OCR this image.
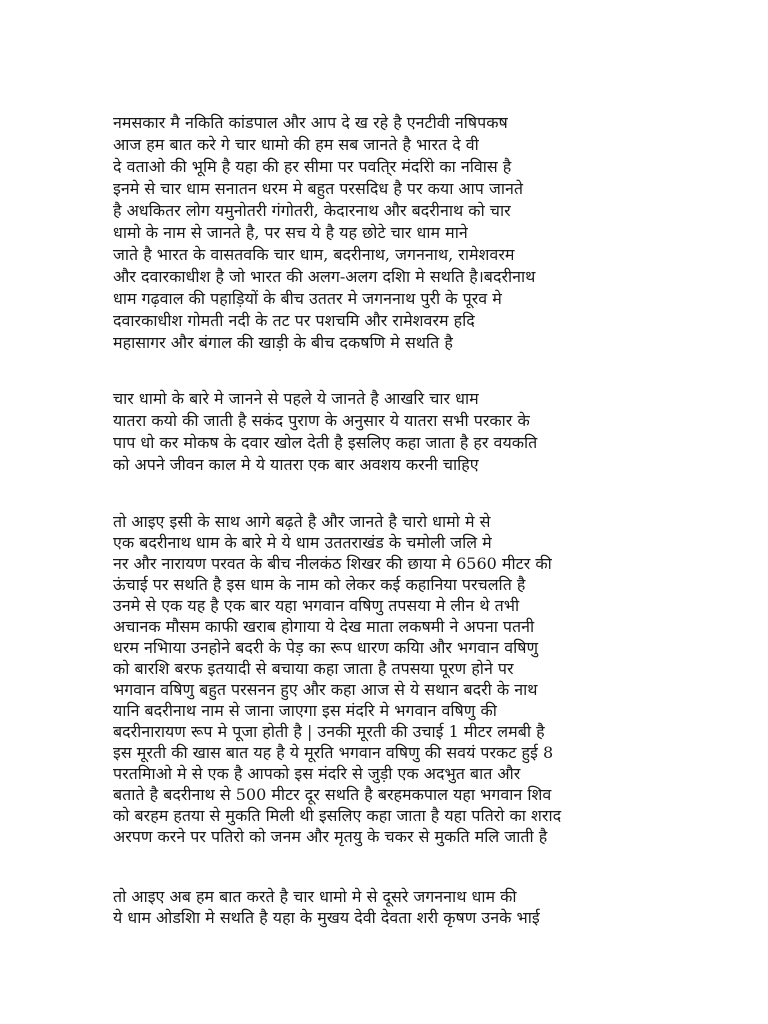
नमसकार मै नकिति कांडपाल और आप दे ख रहे है एनटीवी नषिपकष
आज हम बात करे गे चार धामो की हम सब जानते है भारत दे वी
दे वताओ की भूमि है यहा की हर सीमा पर पवति्र मंदरिो का नविास है
इनमे से चार धाम सनातन धरम मे बहुत परसदिध है पर कया आप जानते
है अधकितर लोग यमुनोतरी गंगोतरी, केदारनाथ और बदरीनाथ को चार
धामो के नाम से जानते है, पर सच ये है यह छोटे चार धाम माने
जाते है भारत के वासतवकि चार धाम, बदरीनाथ, जगननाथ, रामेशवरम
और दवारकाधीश है जो भारत की अलग-अलग दशिा मे सथति है।बदरीनाथ
धाम गढ़वाल की पहाड़ियों के बीच उततर मे जगननाथ पुरी के पूरव मे
दवारकाधीश गोमती नदी के तट पर पशचमि और रामेशवरम हदि
महासागर और बंगाल की खाड़ी के बीच दकषणि मे सथति है
चार धामो के बारे मे जानने से पहले ये जानते है आखरि चार धाम
यातरा कयो की जाती है सकंद पुराण के अनुसार ये यातरा सभी परकार के
पाप धो कर मोकष के दवार खोल देती है इसलिए कहा जाता है हर वयकति
को अपने जीवन काल मे ये यातरा एक बार अवशय करनी चाहिए
तो आइए इसी के साथ आगे बढ़ते है और जानते है चारो धामो मे से
एक बदरीनाथ धाम के बारे मे ये धाम उततराखंड के चमोली जलि मे
नर और नारायण परवत के बीच नीलकंठ शिखर की छाया मे 6560 मीटर की
ऊंचाई पर सथति है इस धाम के नाम को लेकर कई कहानिया परचलति है
उनमे से एक यह है एक बार यहा भगवान वषिणु तपसया मे लीन थे तभी
अचानक मौसम काफी खराब होगाया ये देख माता लकषमी ने अपना पतनी
धरम नभिाया उनहोने बदरी के पेड़ का रूप धारण कयिा और भगवान वषिणु
को बारशि बरफ इतयादी से बचाया कहा जाता है तपसया पूरण होने पर
भगवान वषिणु बहुत परसनन हुए और कहा आज से ये सथान बदरी के नाथ
यानि बदरीनाथ नाम से जाना जाएगा इस मंदरि मे भगवान वषिणु की
बदरीनारायण रूप मे पूजा होती है | उनकी मूरती की उचाई 1 मीटर लमबी है
इस मूरती की खास बात यह है ये मूरति भगवान वषिणु की सवयं परकट हुई 8
परतमिाओ मे से एक है आपको इस मंदरि से जुड़ी एक अदभुत बात और
बताते है बदरीनाथ से 500 मीटर दूर सथति है बरहमकपाल यहा भगवान शिव
को बरहम हतया से मुकति मिली थी इसलिए कहा जाता है यहा पतिरो का शराद
अरपण करने पर पतिरो को जनम और मृतयु के चकर से मुकति मलि जाती है
तो आइए अब हम बात करते है चार धामो मे से दूसरे जगननाथ धाम की
ये धाम ओडशिा मे सथति है यहा के मुखय देवी देवता शरी कृषण उनके भाई
